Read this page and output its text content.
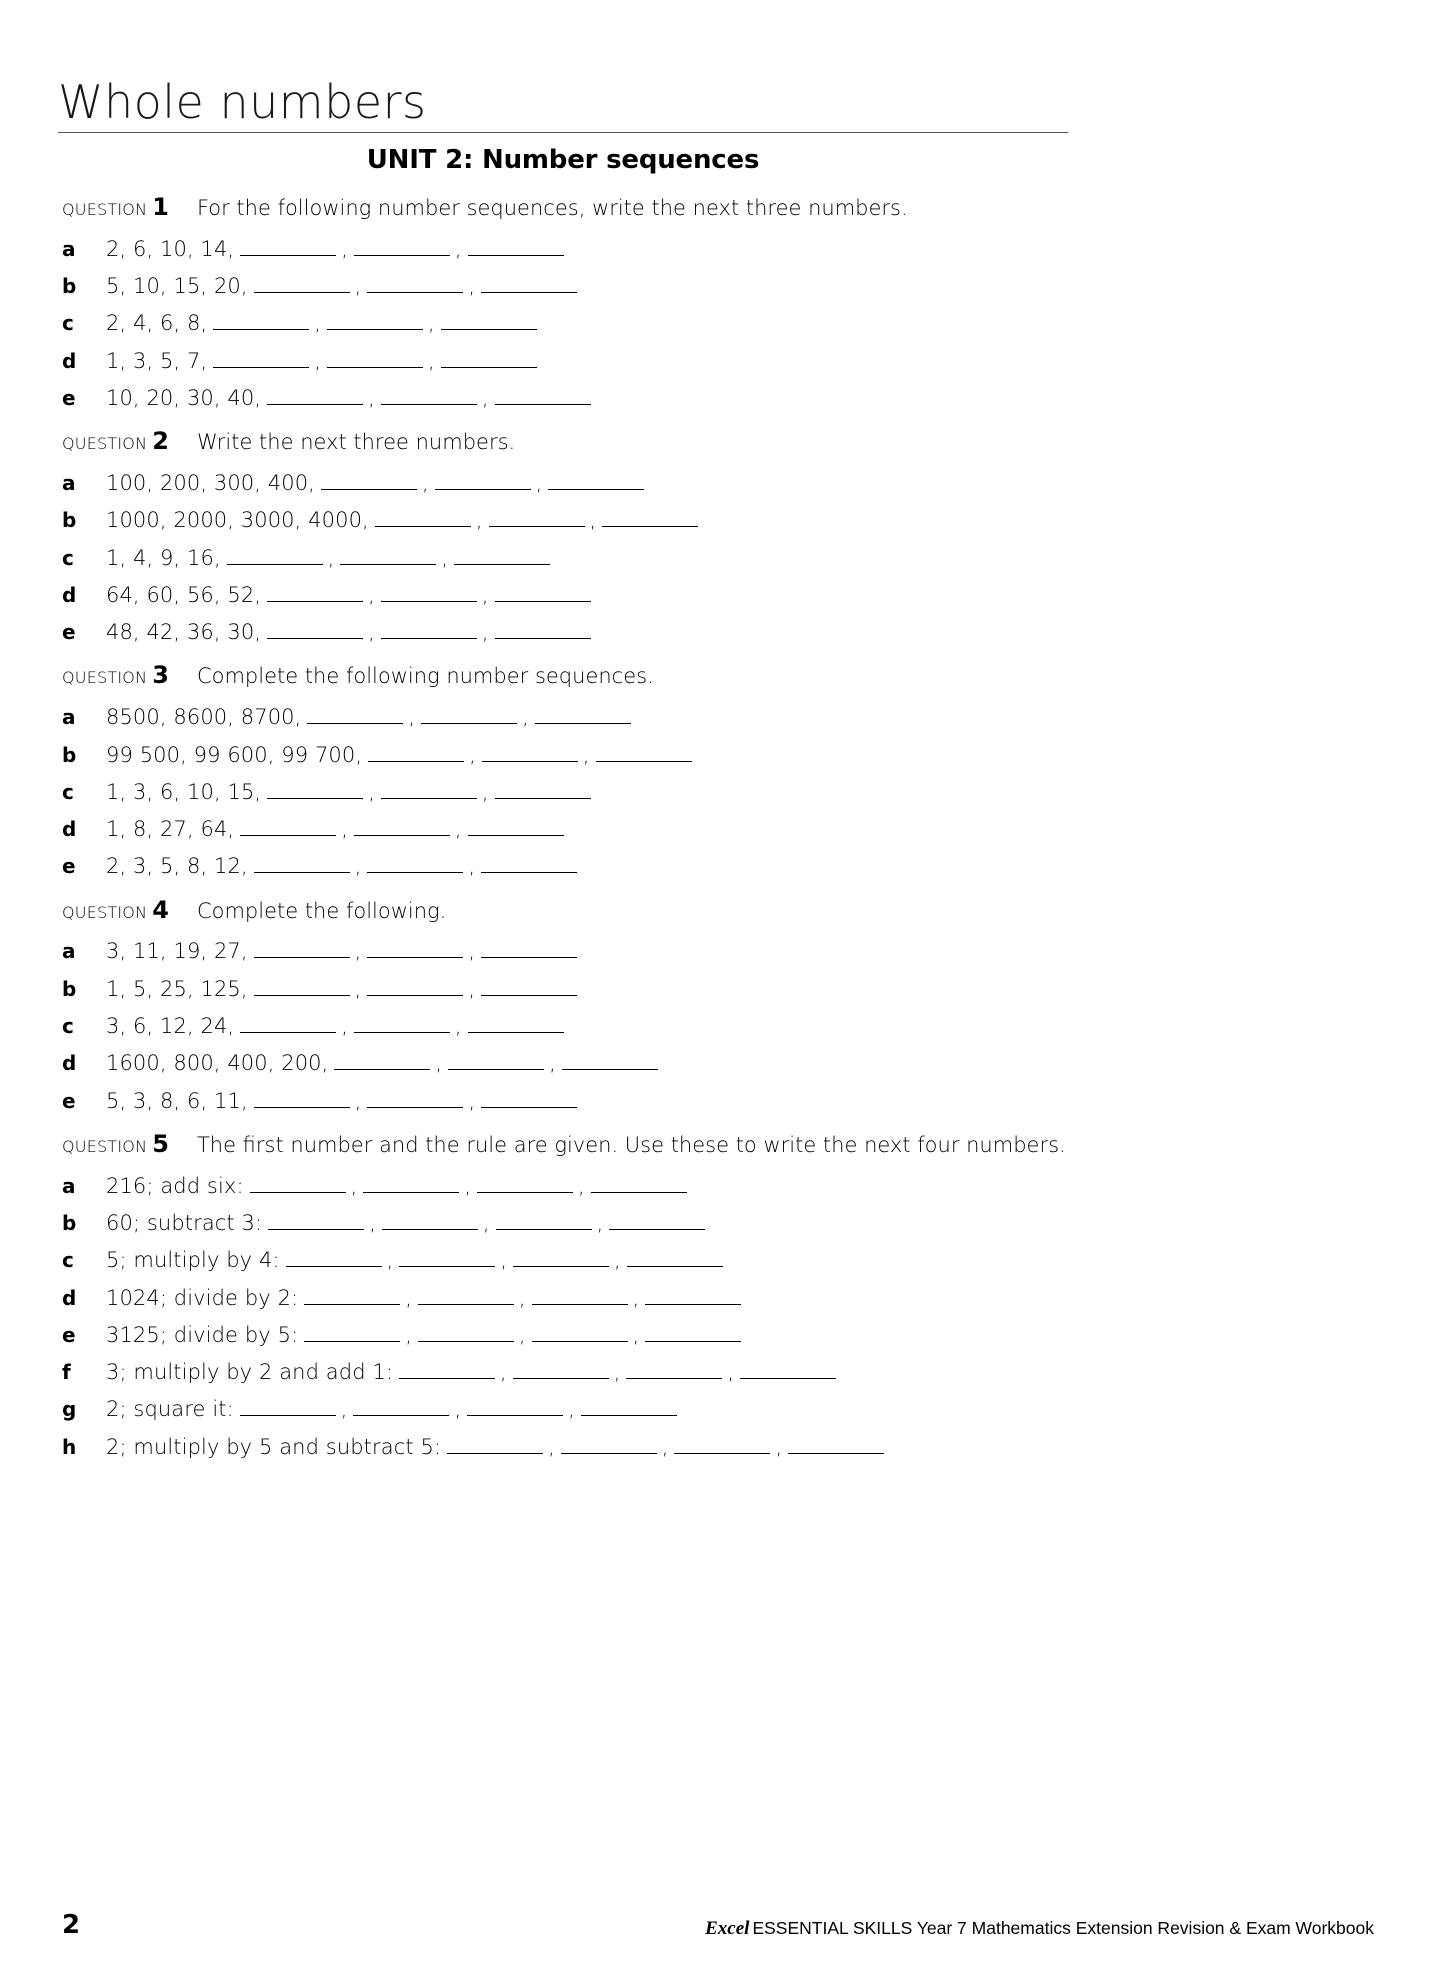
Whole numbers
UNIT 2: Number sequences
question 1 For the following number sequences, write the next three numbers.
a	2, 6, 10, 14,	,	,
b	5, 10, 15, 20,	,	,
c	2, 4, 6, 8,	,	,
d	1, 3, 5, 7,	,	,
e	10, 20, 30, 40,	,	,
question 2 Write the next three numbers.
a	100, 200, 300, 400,	,	,
b	1000, 2000, 3000, 4000,	,	,
c	1, 4, 9, 16,	,	,
d	64, 60, 56, 52,	,	,
e	48, 42, 36, 30,	,	,
question 3 Complete the following number sequences.
a	8500, 8600, 8700,	,	,
b	99 500, 99 600, 99 700,	,	,
c	1, 3, 6, 10, 15,	,	,
d	1, 8, 27, 64,	,	,
e	2, 3, 5, 8, 12,	,	,
question 4 Complete the following.
a	3, 11, 19, 27,	,	,
b	1, 5, 25, 125,	,	,
c	3, 6, 12, 24,	,	,
d	1600, 800, 400, 200,	,	,
e	5, 3, 8, 6, 11,	,	,
question 5 The first number and the rule are given. Use these to write the next four numbers.
a	216; add six:	,	,	,
b	60; subtract 3:	,	,	,
c	5; multiply by 4:	,	,	,
d	1024; divide by 2:	,	,	,
e	3125; divide by 5:	,	,	,
f	3; multiply by 2 and add 1:	,	,	,
g	2; square it:	,	,	,
h	2; multiply by 5 and subtract 5:	,	,	,
2	Excel ESSENTIAL SKILLS Year 7 Mathematics Extension Revision & Exam Workbook
